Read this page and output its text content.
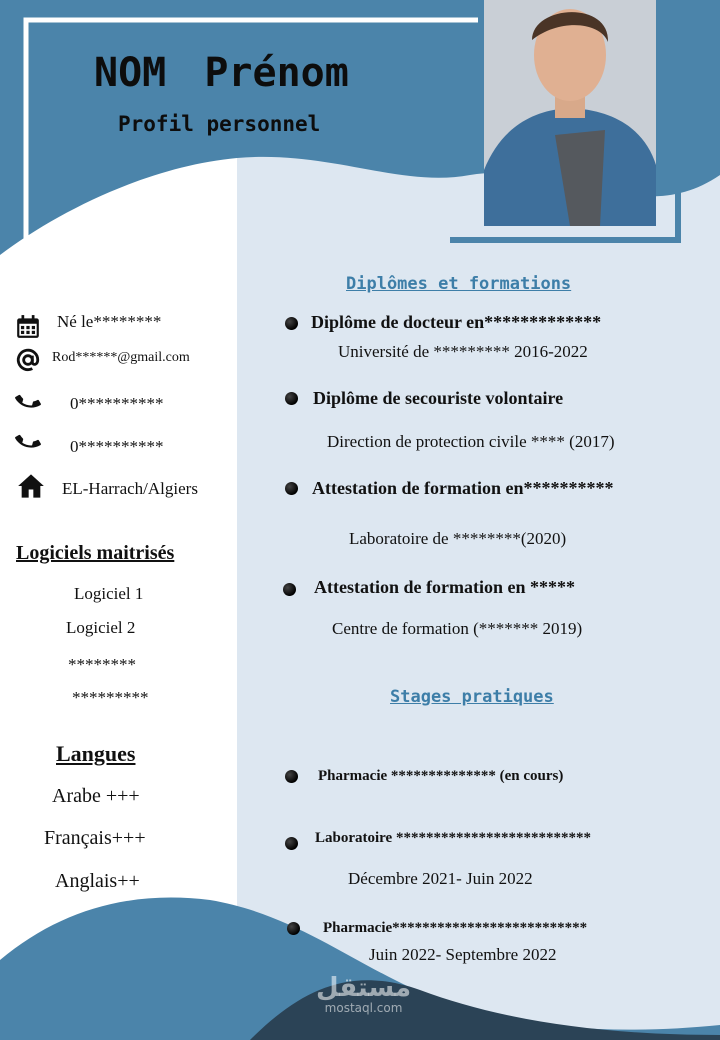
NOM Prénom
Profil personnel
Né le********
Rod******@gmail.com
0**********
0**********
EL-Harrach/Algiers
Logiciels maitrisés
Logiciel 1
Logiciel 2
********
*********
Langues
Arabe +++
Français+++
Anglais++
Diplômes et formations
Diplôme de docteur en*************
Université de ********* 2016-2022
Diplôme de secouriste volontaire
Direction de protection civile **** (2017)
Attestation de formation en**********
Laboratoire de ********(2020)
Attestation de formation en *****
Centre de formation (******* 2019)
Stages pratiques
Pharmacie ************** (en cours)
Laboratoire **************************
Décembre 2021- Juin 2022
Pharmacie**************************
Juin 2022- Septembre 2022
مستقل
mostaql.com
